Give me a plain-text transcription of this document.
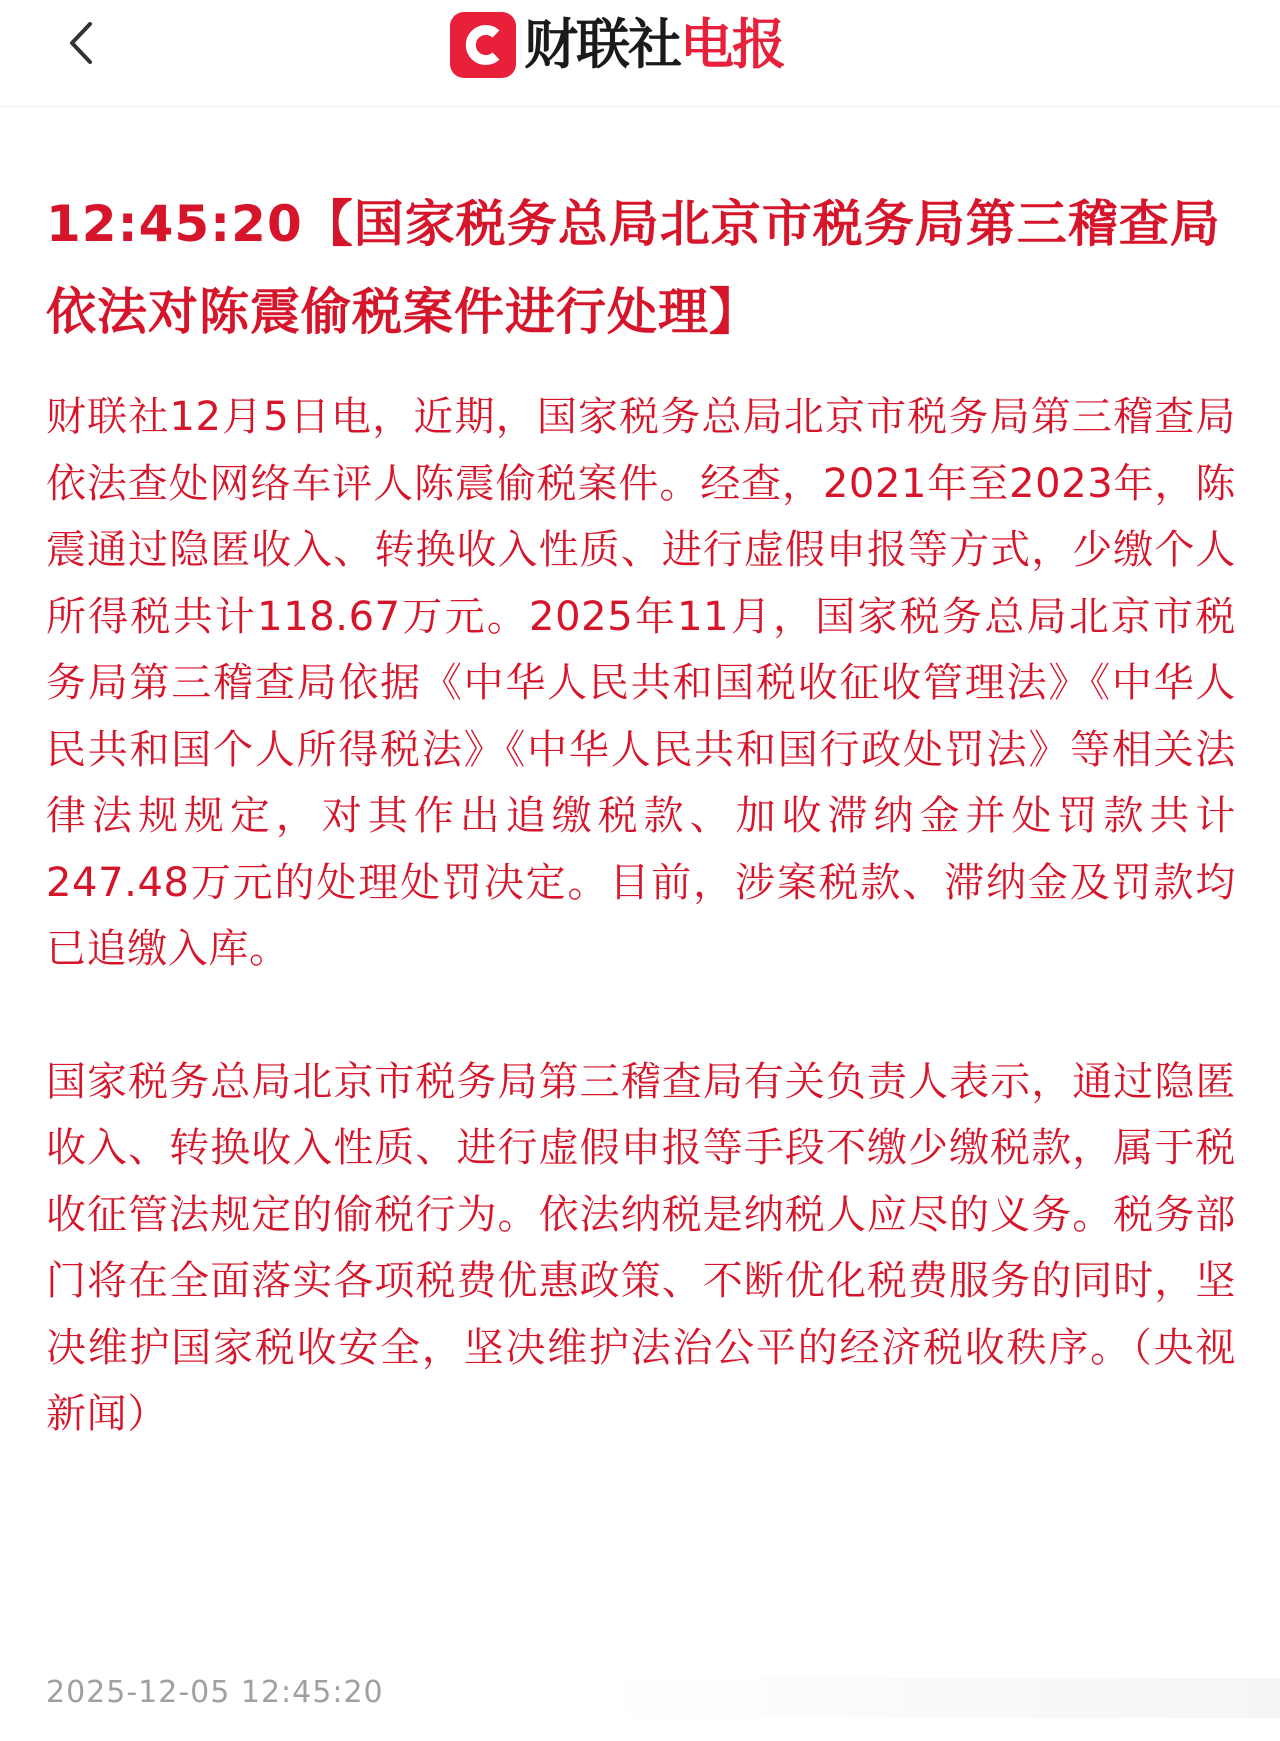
财联社电报
12:45:20【国家税务总局北京市税务局第三稽查局依法对陈震偷税案件进行处理】

财联社12月5日电，近期，国家税务总局北京市税务局第三稽查局依法查处网络车评人陈震偷税案件。经查，2021年至2023年，陈震通过隐匿收入、转换收入性质、进行虚假申报等方式，少缴个人所得税共计118.67万元。2025年11月，国家税务总局北京市税务局第三稽查局依据《中华人民共和国税收征收管理法》《中华人民共和国个人所得税法》《中华人民共和国行政处罚法》等相关法律法规规定，对其作出追缴税款、加收滞纳金并处罚款共计247.48万元的处理处罚决定。目前，涉案税款、滞纳金及罚款均已追缴入库。

国家税务总局北京市税务局第三稽查局有关负责人表示，通过隐匿收入、转换收入性质、进行虚假申报等手段不缴少缴税款，属于税收征管法规定的偷税行为。依法纳税是纳税人应尽的义务。税务部门将在全面落实各项税费优惠政策、不断优化税费服务的同时，坚决维护国家税收安全，坚决维护法治公平的经济税收秩序。（央视新闻）

2025-12-05 12:45:20
